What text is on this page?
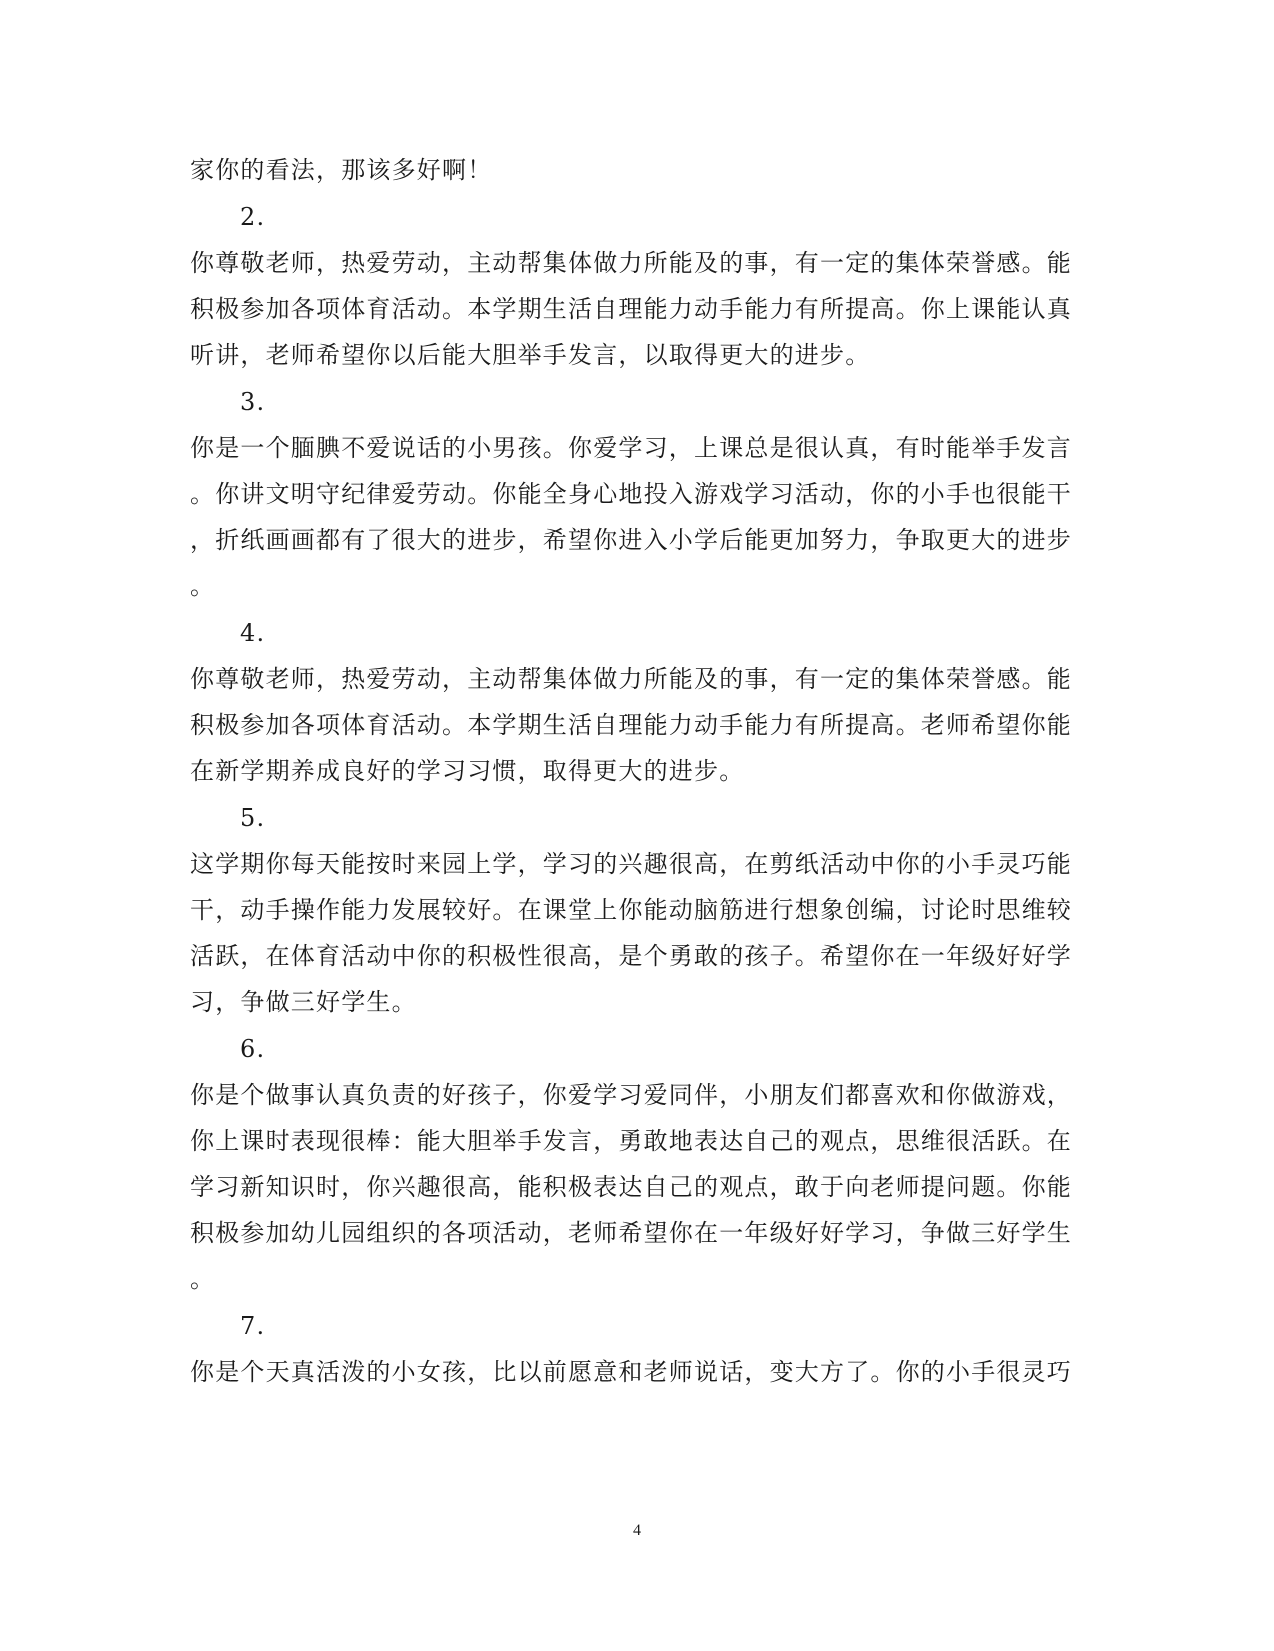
家你的看法，那该多好啊！
2.
你尊敬老师，热爱劳动，主动帮集体做力所能及的事，有一定的集体荣誉感。能
积极参加各项体育活动。本学期生活自理能力动手能力有所提高。你上课能认真
听讲，老师希望你以后能大胆举手发言，以取得更大的进步。
3.
你是一个腼腆不爱说话的小男孩。你爱学习，上课总是很认真，有时能举手发言
。你讲文明守纪律爱劳动。你能全身心地投入游戏学习活动，你的小手也很能干
，折纸画画都有了很大的进步，希望你进入小学后能更加努力，争取更大的进步
。
4.
你尊敬老师，热爱劳动，主动帮集体做力所能及的事，有一定的集体荣誉感。能
积极参加各项体育活动。本学期生活自理能力动手能力有所提高。老师希望你能
在新学期养成良好的学习习惯，取得更大的进步。
5.
这学期你每天能按时来园上学，学习的兴趣很高，在剪纸活动中你的小手灵巧能
干，动手操作能力发展较好。在课堂上你能动脑筋进行想象创编，讨论时思维较
活跃，在体育活动中你的积极性很高，是个勇敢的孩子。希望你在一年级好好学
习，争做三好学生。
6.
你是个做事认真负责的好孩子，你爱学习爱同伴，小朋友们都喜欢和你做游戏，
你上课时表现很棒：能大胆举手发言，勇敢地表达自己的观点，思维很活跃。在
学习新知识时，你兴趣很高，能积极表达自己的观点，敢于向老师提问题。你能
积极参加幼儿园组织的各项活动，老师希望你在一年级好好学习，争做三好学生
。
7.
你是个天真活泼的小女孩，比以前愿意和老师说话，变大方了。你的小手很灵巧
4
